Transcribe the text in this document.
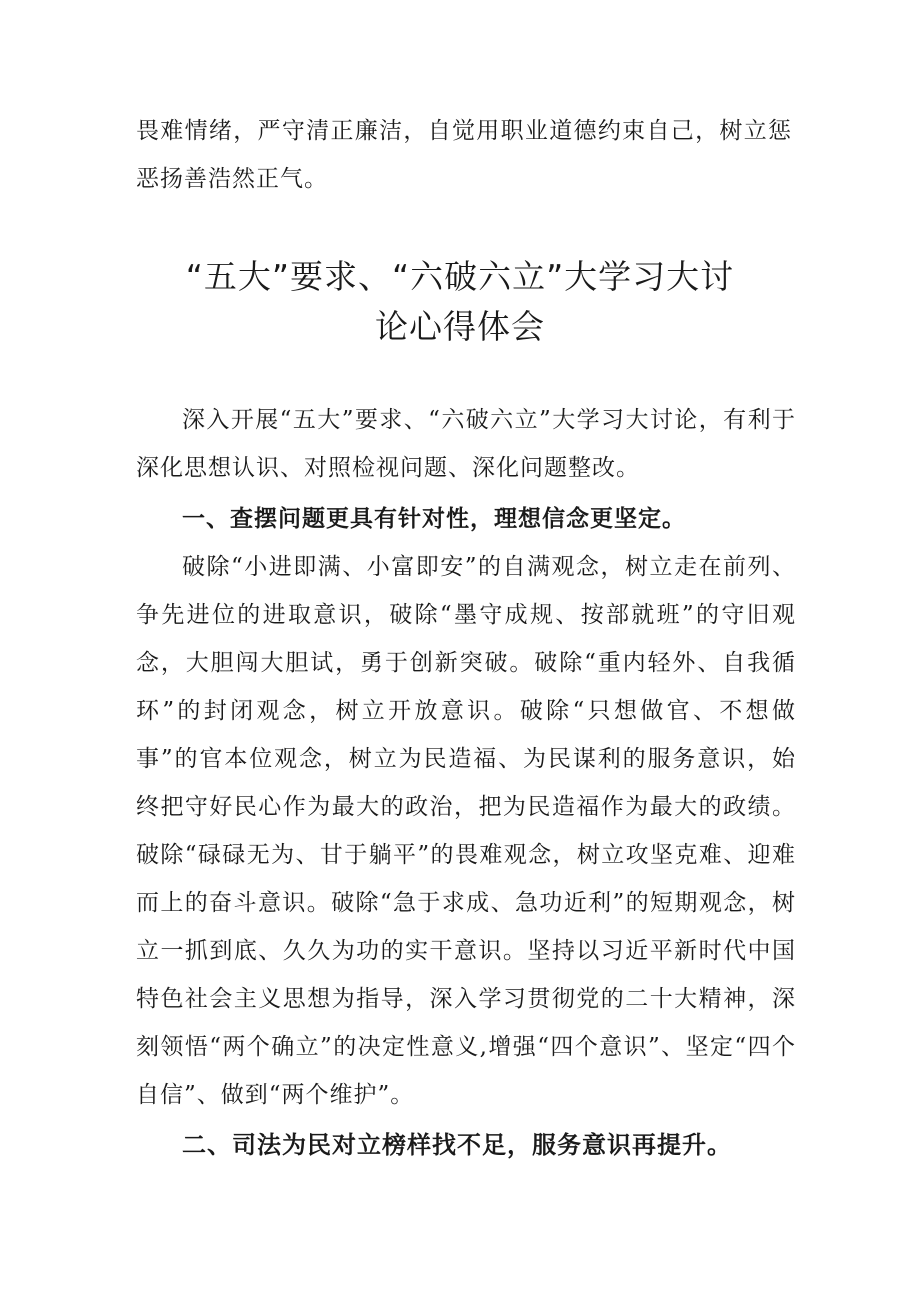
畏难情绪，严守清正廉洁，自觉用职业道德约束自己，树立惩恶扬善浩然正气。

“五大”要求、“六破六立”大学习大讨
论心得体会

深入开展“五大”要求、“六破六立”大学习大讨论，有利于深化思想认识、对照检视问题、深化问题整改。

一、查摆问题更具有针对性，理想信念更坚定。

破除“小进即满、小富即安”的自满观念，树立走在前列、争先进位的进取意识，破除“墨守成规、按部就班”的守旧观念，大胆闯大胆试，勇于创新突破。破除“重内轻外、自我循环”的封闭观念，树立开放意识。破除“只想做官、不想做事”的官本位观念，树立为民造福、为民谋利的服务意识，始终把守好民心作为最大的政治，把为民造福作为最大的政绩。破除“碌碌无为、甘于躺平”的畏难观念，树立攻坚克难、迎难而上的奋斗意识。破除“急于求成、急功近利”的短期观念，树立一抓到底、久久为功的实干意识。坚持以习近平新时代中国特色社会主义思想为指导，深入学习贯彻党的二十大精神，深刻领悟“两个确立”的决定性意义,增强“四个意识”、坚定“四个自信”、做到“两个维护”。

二、司法为民对立榜样找不足，服务意识再提升。
